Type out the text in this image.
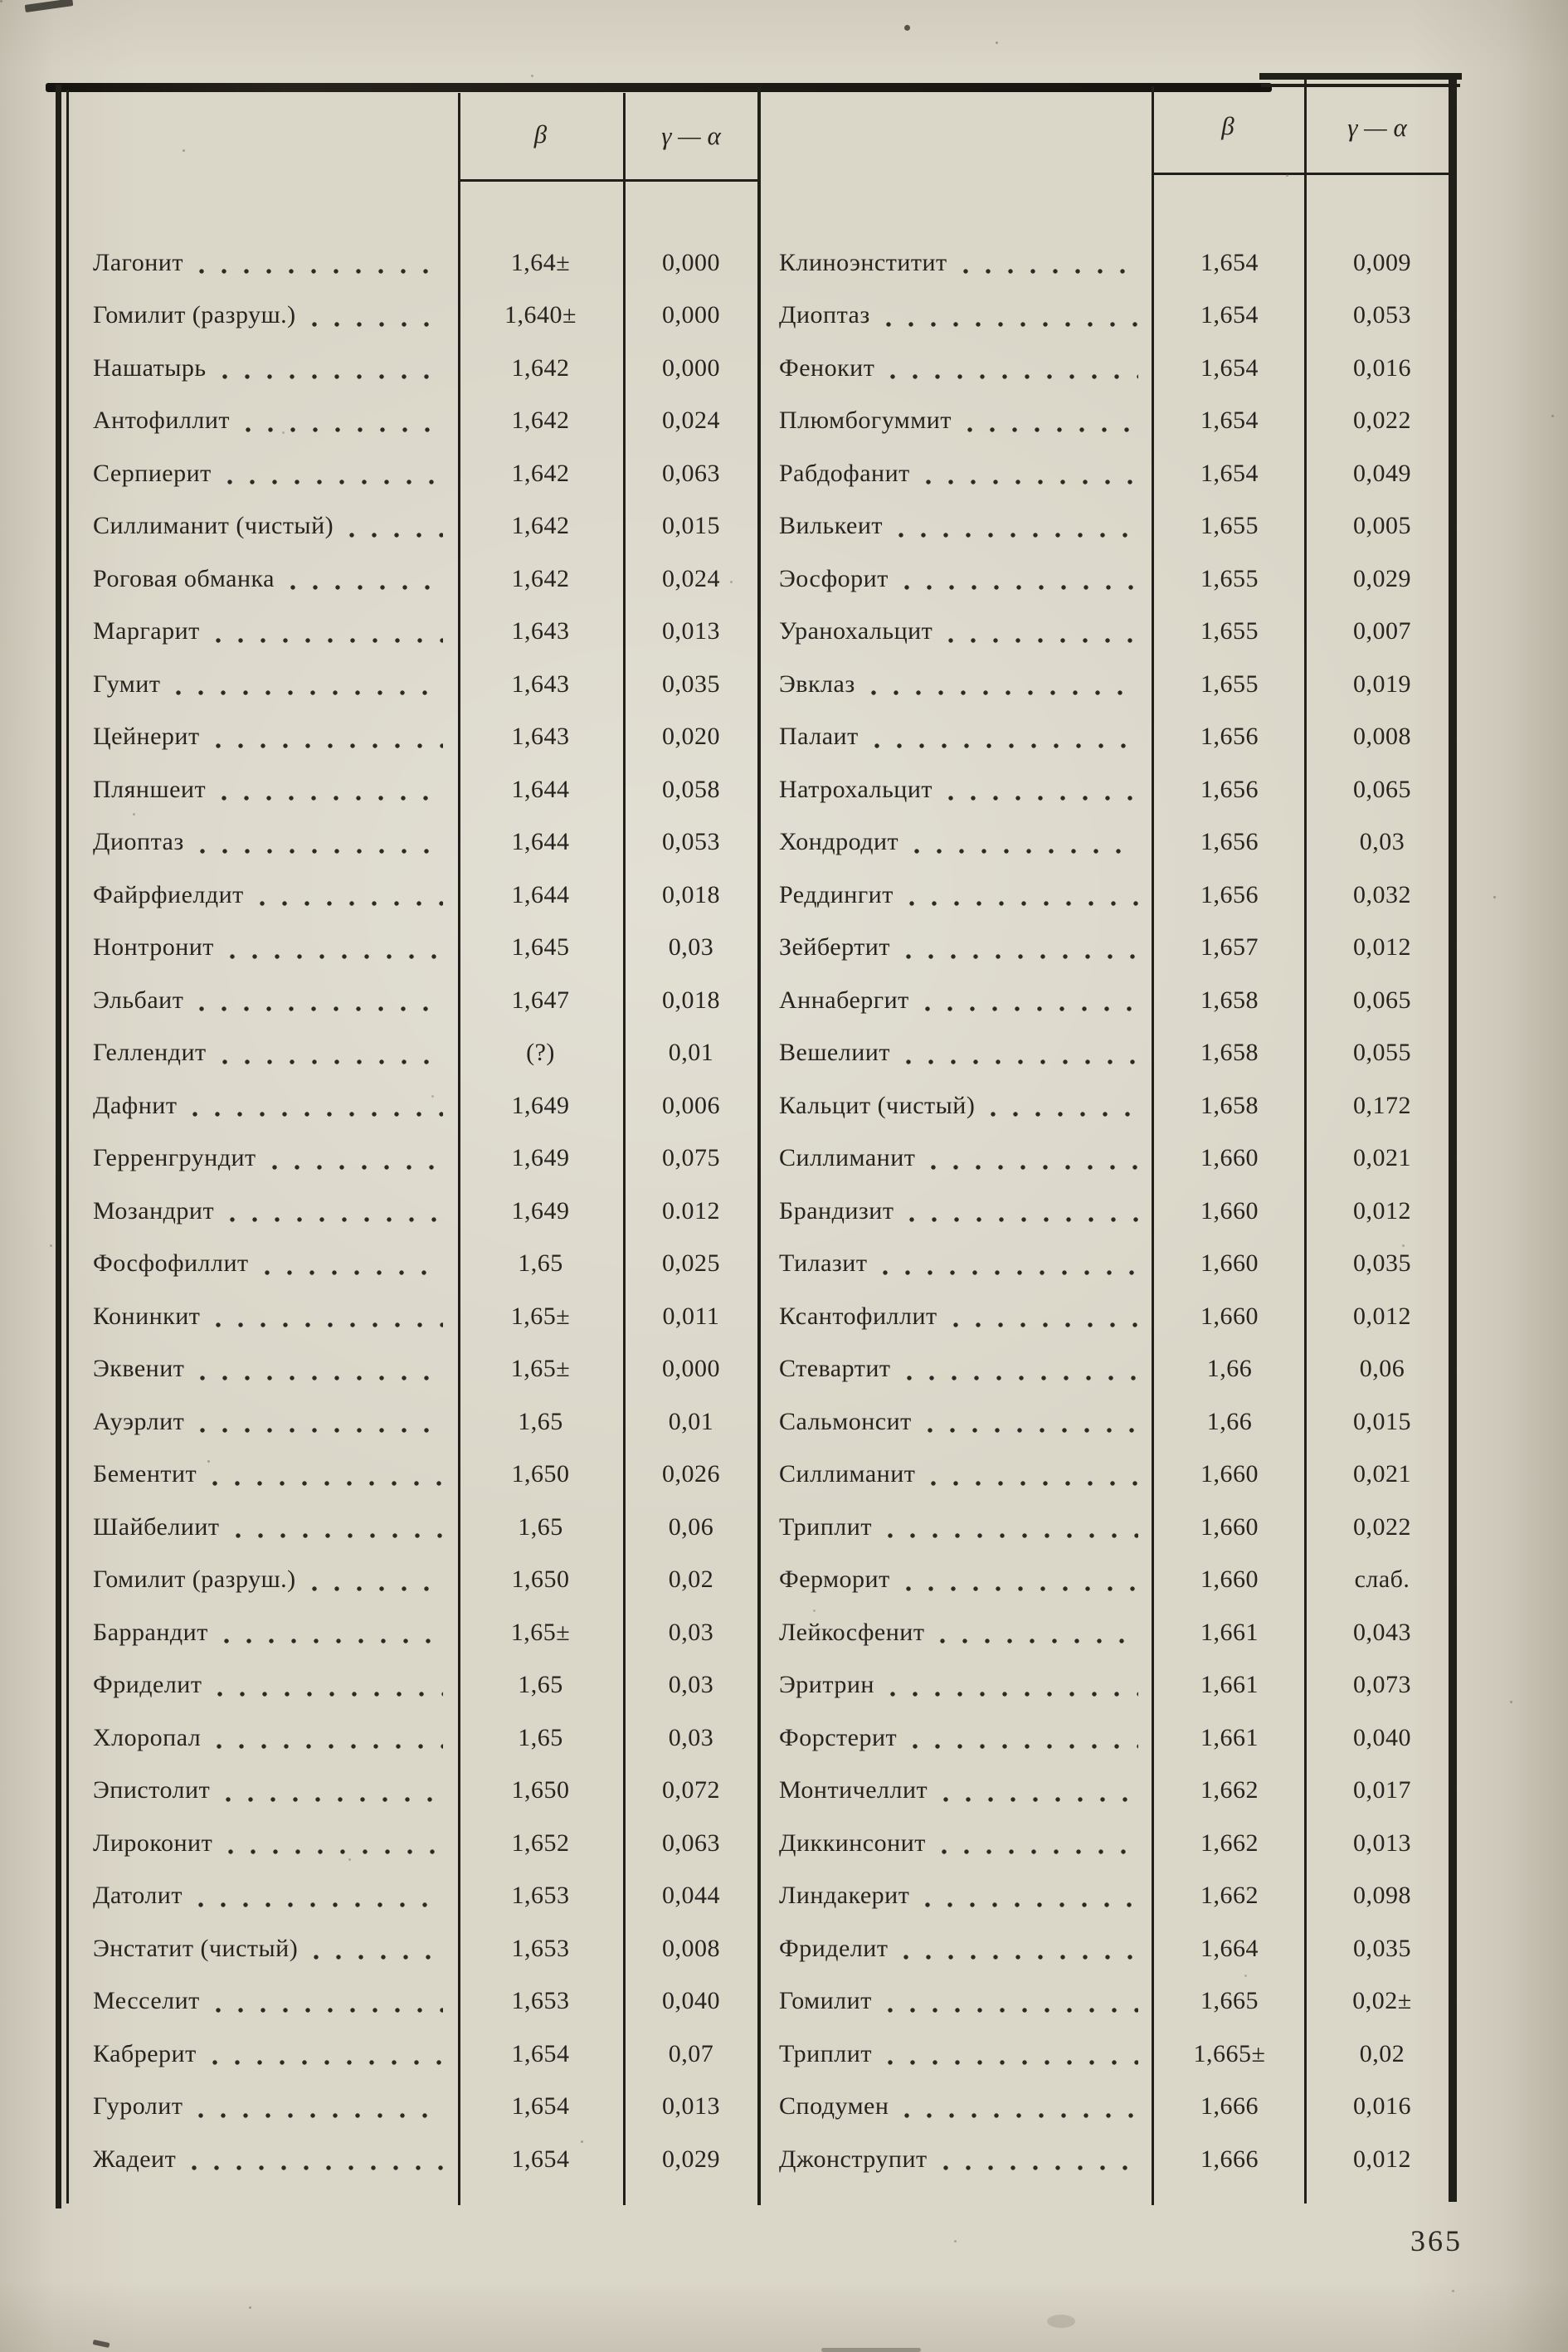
β	γ — α	β	γ — α
Лагонит	1,64±	0,000
Гомилит (разруш.)	1,640±	0,000
Нашатырь	1,642	0,000
Антофиллит	1,642	0,024
Серпиерит	1,642	0,063
Силлиманит (чистый)	1,642	0,015
Роговая обманка	1,642	0,024
Маргарит	1,643	0,013
Гумит	1,643	0,035
Цейнерит	1,643	0,020
Пляншеит	1,644	0,058
Диоптаз	1,644	0,053
Файрфиелдит	1,644	0,018
Нонтронит	1,645	0,03
Эльбаит	1,647	0,018
Геллендит	(?)	0,01
Дафнит	1,649	0,006
Герренгрундит	1,649	0,075
Мозандрит	1,649	0.012
Фосфофиллит	1,65	0,025
Конинкит	1,65±	0,011
Эквенит	1,65±	0,000
Ауэрлит	1,65	0,01
Бементит	1,650	0,026
Шайбелиит	1,65	0,06
Гомилит (разруш.)	1,650	0,02
Баррандит	1,65±	0,03
Фриделит	1,65	0,03
Хлоропал	1,65	0,03
Эпистолит	1,650	0,072
Лироконит	1,652	0,063
Датолит	1,653	0,044
Энстатит (чистый)	1,653	0,008
Месселит	1,653	0,040
Кабрерит	1,654	0,07
Гуролит	1,654	0,013
Жадеит	1,654	0,029
Клиноэнститит	1,654	0,009
Диоптаз	1,654	0,053
Фенокит	1,654	0,016
Плюмбогуммит	1,654	0,022
Рабдофанит	1,654	0,049
Вилькеит	1,655	0,005
Эосфорит	1,655	0,029
Уранохальцит	1,655	0,007
Эвклаз	1,655	0,019
Палаит	1,656	0,008
Натрохальцит	1,656	0,065
Хондродит	1,656	0,03
Реддингит	1,656	0,032
Зейбертит	1,657	0,012
Аннабергит	1,658	0,065
Вешелиит	1,658	0,055
Кальцит (чистый)	1,658	0,172
Силлиманит	1,660	0,021
Брандизит	1,660	0,012
Тилазит	1,660	0,035
Ксантофиллит	1,660	0,012
Стевартит	1,66	0,06
Сальмонсит	1,66	0,015
Силлиманит	1,660	0,021
Триплит	1,660	0,022
Ферморит	1,660	слаб.
Лейкосфенит	1,661	0,043
Эритрин	1,661	0,073
Форстерит	1,661	0,040
Монтичеллит	1,662	0,017
Диккинсонит	1,662	0,013
Линдакерит	1,662	0,098
Фриделит	1,664	0,035
Гомилит	1,665	0,02±
Триплит	1,665±	0,02
Сподумен	1,666	0,016
Джонструпит	1,666	0,012
365
